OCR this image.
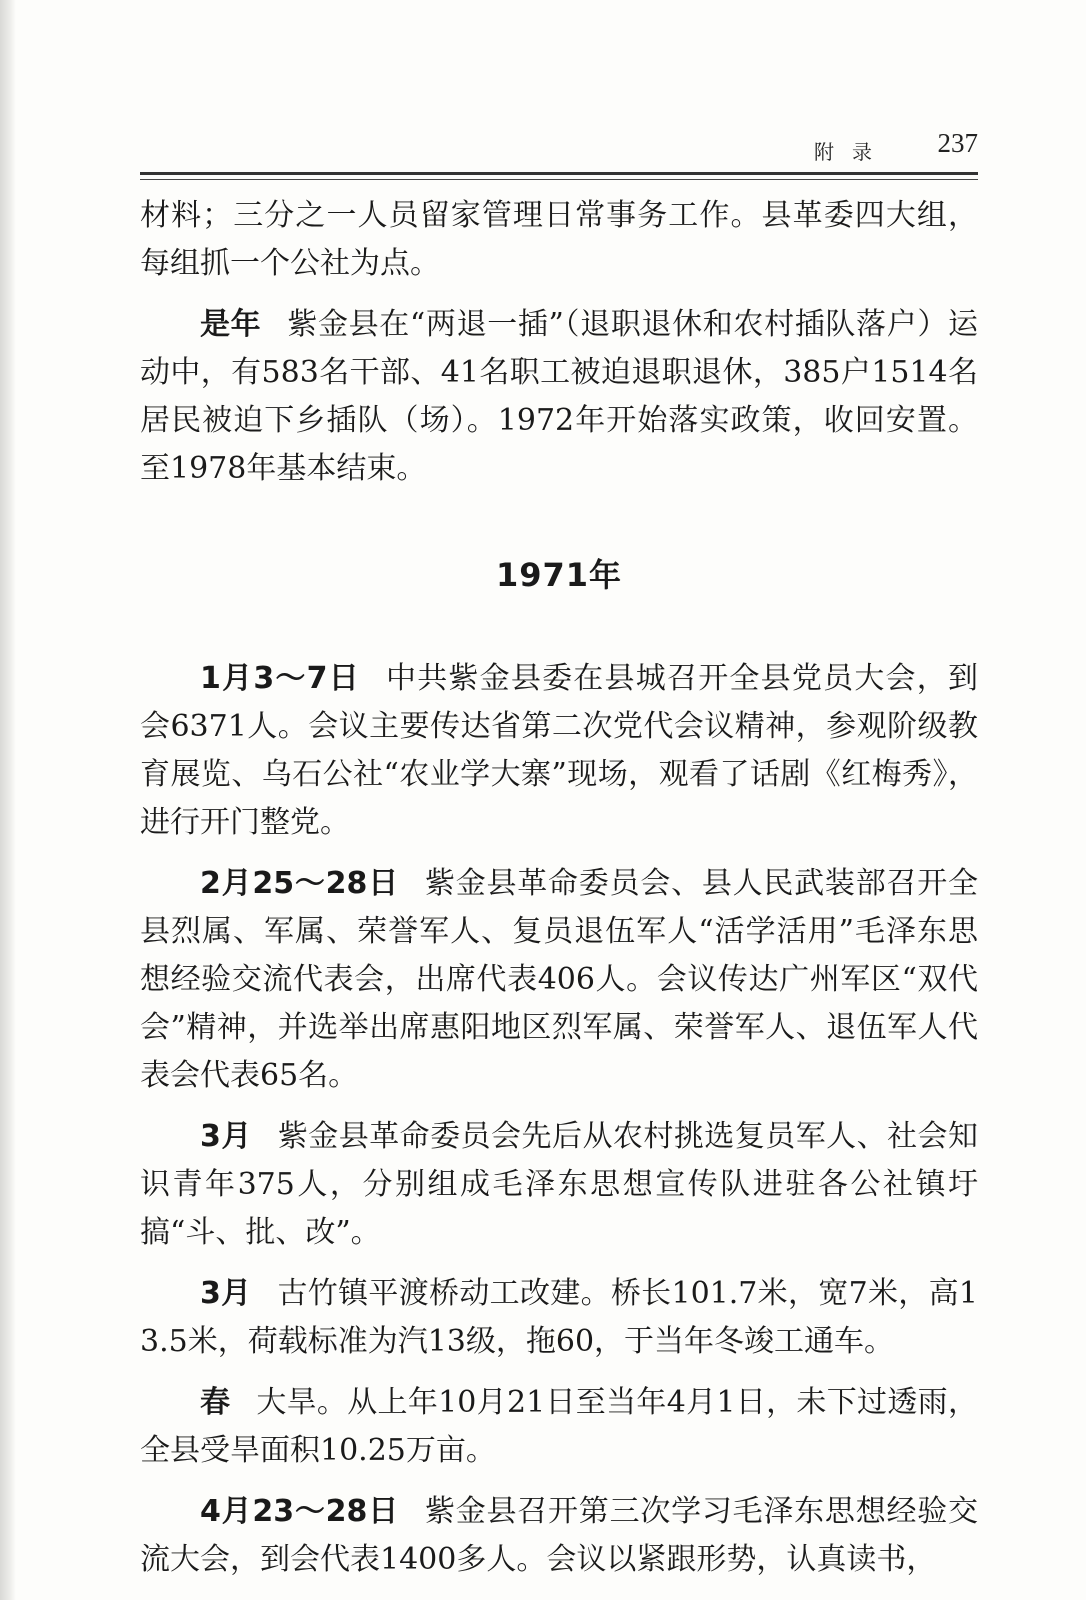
附录 237

材料；三分之一人员留家管理日常事务工作。县革委四大组，每组抓一个公社为点。

是年 紫金县在“两退一插”（退职退休和农村插队落户）运动中，有583名干部、41名职工被迫退职退休，385户1514名居民被迫下乡插队（场）。1972年开始落实政策，收回安置。至1978年基本结束。

1971年

1月3～7日 中共紫金县委在县城召开全县党员大会，到会6371人。会议主要传达省第二次党代会议精神，参观阶级教育展览、乌石公社“农业学大寨”现场，观看了话剧《红梅秀》，进行开门整党。

2月25～28日 紫金县革命委员会、县人民武装部召开全县烈属、军属、荣誉军人、复员退伍军人“活学活用”毛泽东思想经验交流代表会，出席代表406人。会议传达广州军区“双代会”精神，并选举出席惠阳地区烈军属、荣誉军人、退伍军人代表会代表65名。

3月 紫金县革命委员会先后从农村挑选复员军人、社会知识青年375人，分别组成毛泽东思想宣传队进驻各公社镇圩搞“斗、批、改”。

3月 古竹镇平渡桥动工改建。桥长101.7米，宽7米，高13.5米，荷载标准为汽13级，拖60，于当年冬竣工通车。

春 大旱。从上年10月21日至当年4月1日，未下过透雨，全县受旱面积10.25万亩。

4月23～28日 紫金县召开第三次学习毛泽东思想经验交流大会，到会代表1400多人。会议以紧跟形势，认真读书，
